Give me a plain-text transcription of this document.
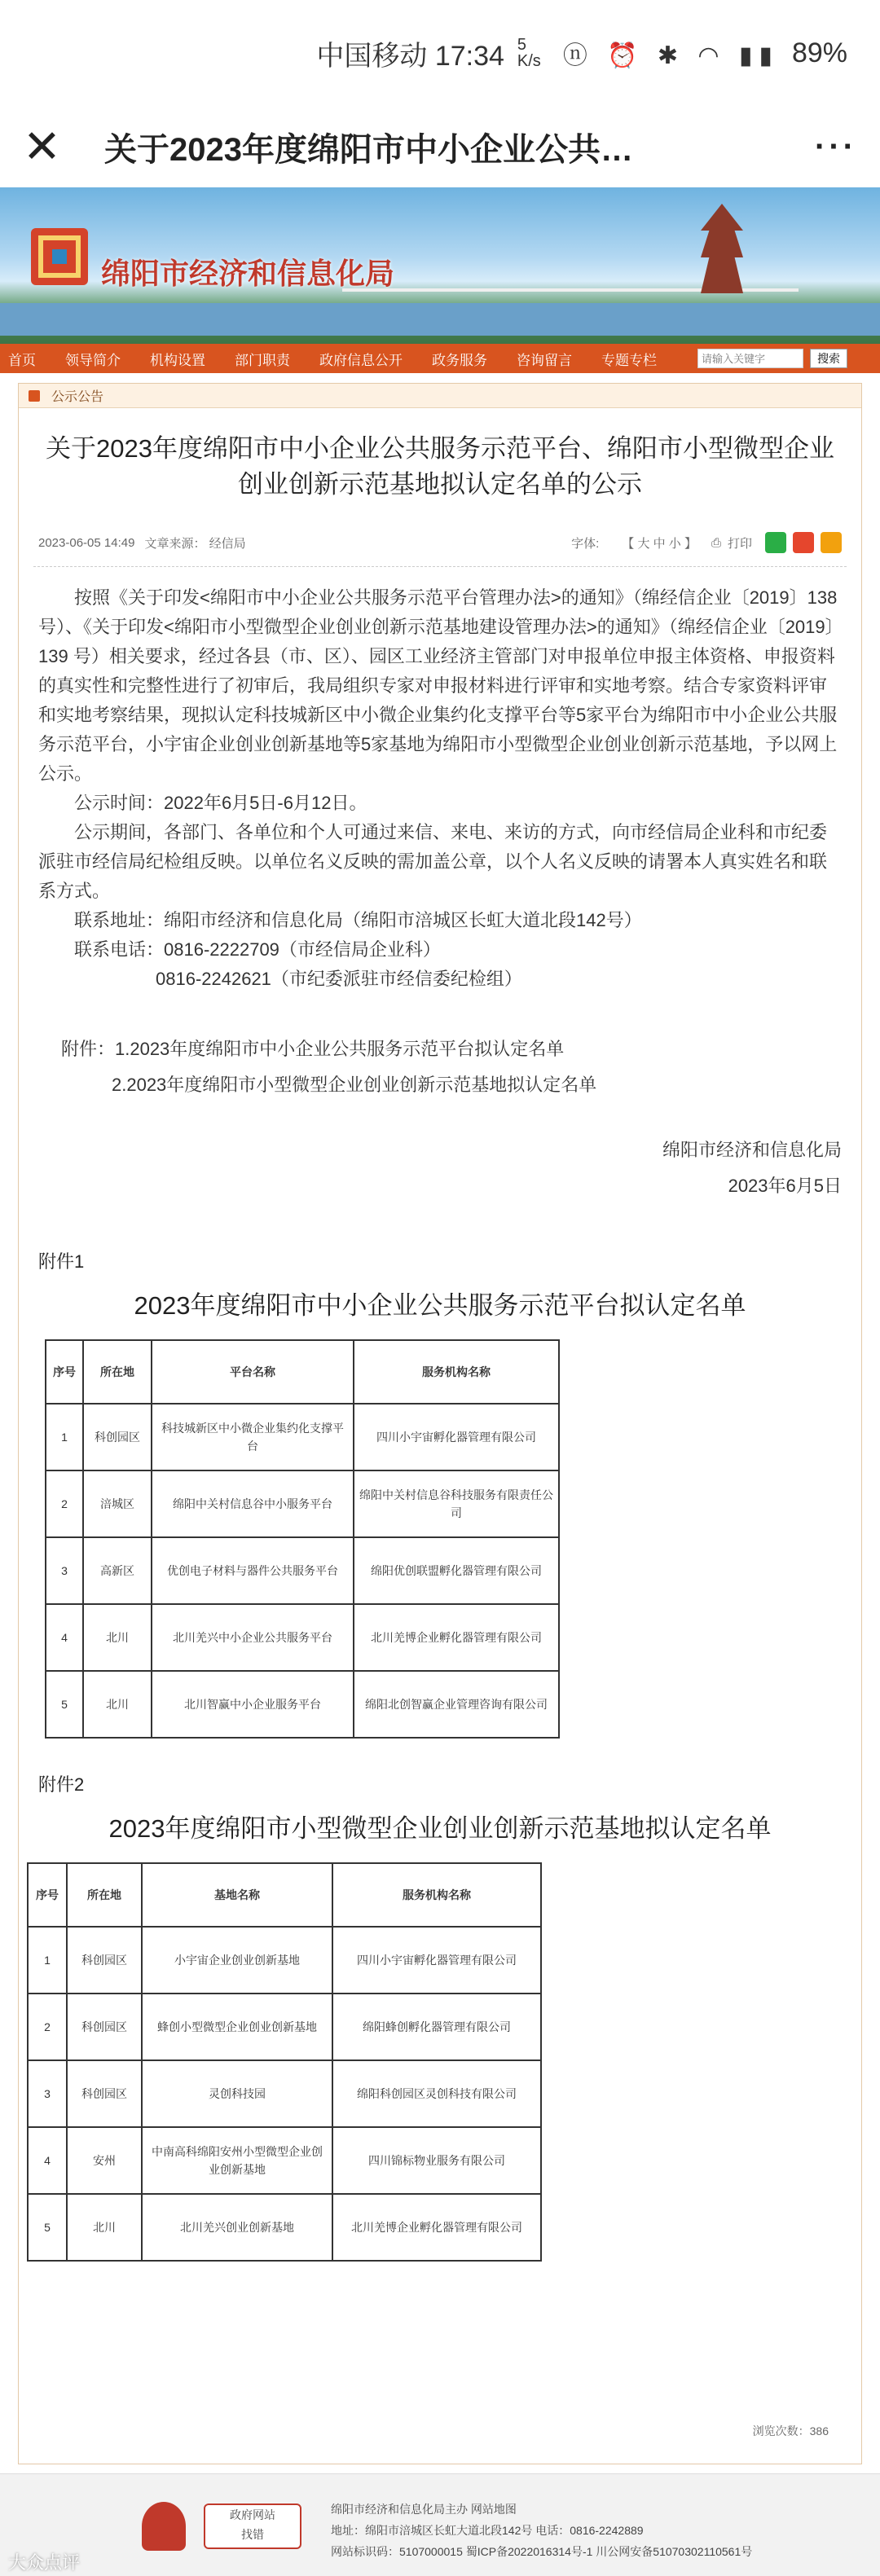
中国移动 17:34 5 K/s ⓝ ⏰ ✱ ◠ ▮▮ 89%
✕	关于2023年度绵阳市中小企业公共…	···
绵阳市经济和信息化局
首页 领导简介 机构设置 部门职责 政府信息公开 政务服务 咨询留言 专题专栏
请输入关键字	搜索
公示公告
关于2023年度绵阳市中小企业公共服务示范平台、绵阳市小型微型企业创业创新示范基地拟认定名单的公示
2023-06-05 14:49 文章来源： 经信局	字体: 【 大 中 小 】 ⎙ 打印

按照《关于印发<绵阳市中小企业公共服务示范平台管理办法>的通知》（绵经信企业〔2019〕138 号）、《关于印发<绵阳市小型微型企业创业创新示范基地建设管理办法>的通知》（绵经信企业〔2019〕139 号）相关要求，经过各县（市、区）、园区工业经济主管部门对申报单位申报主体资格、申报资料的真实性和完整性进行了初审后，我局组织专家对申报材料进行评审和实地考察。结合专家资料评审和实地考察结果，现拟认定科技城新区中小微企业集约化支撑平台等5家平台为绵阳市中小企业公共服务示范平台，小宇宙企业创业创新基地等5家基地为绵阳市小型微型企业创业创新示范基地，予以网上公示。

公示时间：2022年6月5日-6月12日。

公示期间，各部门、各单位和个人可通过来信、来电、来访的方式，向市经信局企业科和市纪委派驻市经信局纪检组反映。以单位名义反映的需加盖公章，以个人名义反映的请署本人真实姓名和联系方式。

联系地址：绵阳市经济和信息化局（绵阳市涪城区长虹大道北段142号）
联系电话：0816-2222709（市经信局企业科）
0816-2242621（市纪委派驻市经信委纪检组）
附件：1.2023年度绵阳市中小企业公共服务示范平台拟认定名单
2.2023年度绵阳市小型微型企业创业创新示范基地拟认定名单
绵阳市经济和信息化局
2023年6月5日
附件1
2023年度绵阳市中小企业公共服务示范平台拟认定名单
序号	所在地	平台名称	服务机构名称
1	科创园区	科技城新区中小微企业集约化支撑平台	四川小宇宙孵化器管理有限公司
2	涪城区	绵阳中关村信息谷中小服务平台	绵阳中关村信息谷科技服务有限责任公司
3	高新区	优创电子材料与器件公共服务平台	绵阳优创联盟孵化器管理有限公司
4	北川	北川羌兴中小企业公共服务平台	北川羌博企业孵化器管理有限公司
5	北川	北川智赢中小企业服务平台	绵阳北创智赢企业管理咨询有限公司
附件2
2023年度绵阳市小型微型企业创业创新示范基地拟认定名单
序号	所在地	基地名称	服务机构名称
1	科创园区	小宇宙企业创业创新基地	四川小宇宙孵化器管理有限公司
2	科创园区	蜂创小型微型企业创业创新基地	绵阳蜂创孵化器管理有限公司
3	科创园区	灵创科技园	绵阳科创园区灵创科技有限公司
4	安州	中南高科绵阳安州小型微型企业创业创新基地	四川锦标物业服务有限公司
5	北川	北川羌兴创业创新基地	北川羌博企业孵化器管理有限公司
浏览次数：386
政府网站
找错
绵阳市经济和信息化局主办 网站地图
地址：绵阳市涪城区长虹大道北段142号 电话：0816-2242889
网站标识码：5107000015 蜀ICP备2022016314号-1 川公网安备51070302110561号
大众点评
